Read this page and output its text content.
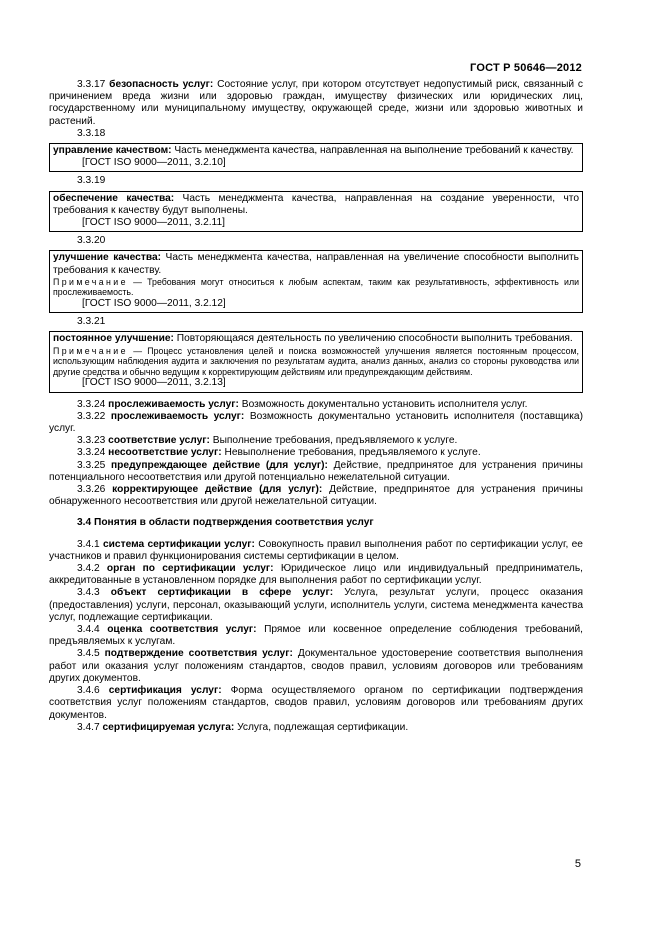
ГОСТ Р 50646—2012

3.3.17 безопасность услуг: Состояние услуг, при котором отсутствует недопустимый риск, связанный с причинением вреда жизни или здоровью граждан, имуществу физических или юридических лиц, государственному или муниципальному имуществу, окружающей среде, жизни или здоровью животных и растений.

3.3.18

управление качеством: Часть менеджмента качества, направленная на выполнение требований к качеству.

[ГОСТ ISO 9000—2011, 3.2.10]

3.3.19

обеспечение качества: Часть менеджмента качества, направленная на создание уверенности, что требования к качеству будут выполнены.

[ГОСТ ISO 9000—2011, 3.2.11]

3.3.20

улучшение качества: Часть менеджмента качества, направленная на увеличение способности выполнить требования к качеству.

Примечание — Требования могут относиться к любым аспектам, таким как результативность, эффективность или прослеживаемость.

[ГОСТ ISO 9000—2011, 3.2.12]

3.3.21

постоянное улучшение: Повторяющаяся деятельность по увеличению способности выполнить требования.

Примечание — Процесс установления целей и поиска возможностей улучшения является постоянным процессом, использующим наблюдения аудита и заключения по результатам аудита, анализ данных, анализ со стороны руководства или другие средства и обычно ведущим к корректирующим действиям или предупреждающим действиям.

[ГОСТ ISO 9000—2011, 3.2.13]

3.3.24 прослеживаемость услуг: Возможность документально установить исполнителя услуг.

3.3.22 прослеживаемость услуг: Возможность документально установить исполнителя (поставщика) услуг.

3.3.23 соответствие услуг: Выполнение требования, предъявляемого к услуге.

3.3.24 несоответствие услуг: Невыполнение требования, предъявляемого к услуге.

3.3.25 предупреждающее действие (для услуг): Действие, предпринятое для устранения причины потенциального несоответствия или другой потенциально нежелательной ситуации.

3.3.26 корректирующее действие (для услуг): Действие, предпринятое для устранения причины обнаруженного несоответствия или другой нежелательной ситуации.

3.4 Понятия в области подтверждения соответствия услуг

3.4.1 система сертификации услуг: Совокупность правил выполнения работ по сертификации услуг, ее участников и правил функционирования системы сертификации в целом.

3.4.2 орган по сертификации услуг: Юридическое лицо или индивидуальный предприниматель, аккредитованные в установленном порядке для выполнения работ по сертификации услуг.

3.4.3 объект сертификации в сфере услуг: Услуга, результат услуги, процесс оказания (предоставления) услуги, персонал, оказывающий услуги, исполнитель услуги, система менеджмента качества услуг, подлежащие сертификации.

3.4.4 оценка соответствия услуг: Прямое или косвенное определение соблюдения требований, предъявляемых к услугам.

3.4.5 подтверждение соответствия услуг: Документальное удостоверение соответствия выполнения работ или оказания услуг положениям стандартов, сводов правил, условиям договоров или требованиям других документов.

3.4.6 сертификация услуг: Форма осуществляемого органом по сертификации подтверждения соответствия услуг положениям стандартов, сводов правил, условиям договоров или требованиям других документов.

3.4.7 сертифицируемая услуга: Услуга, подлежащая сертификации.

5
